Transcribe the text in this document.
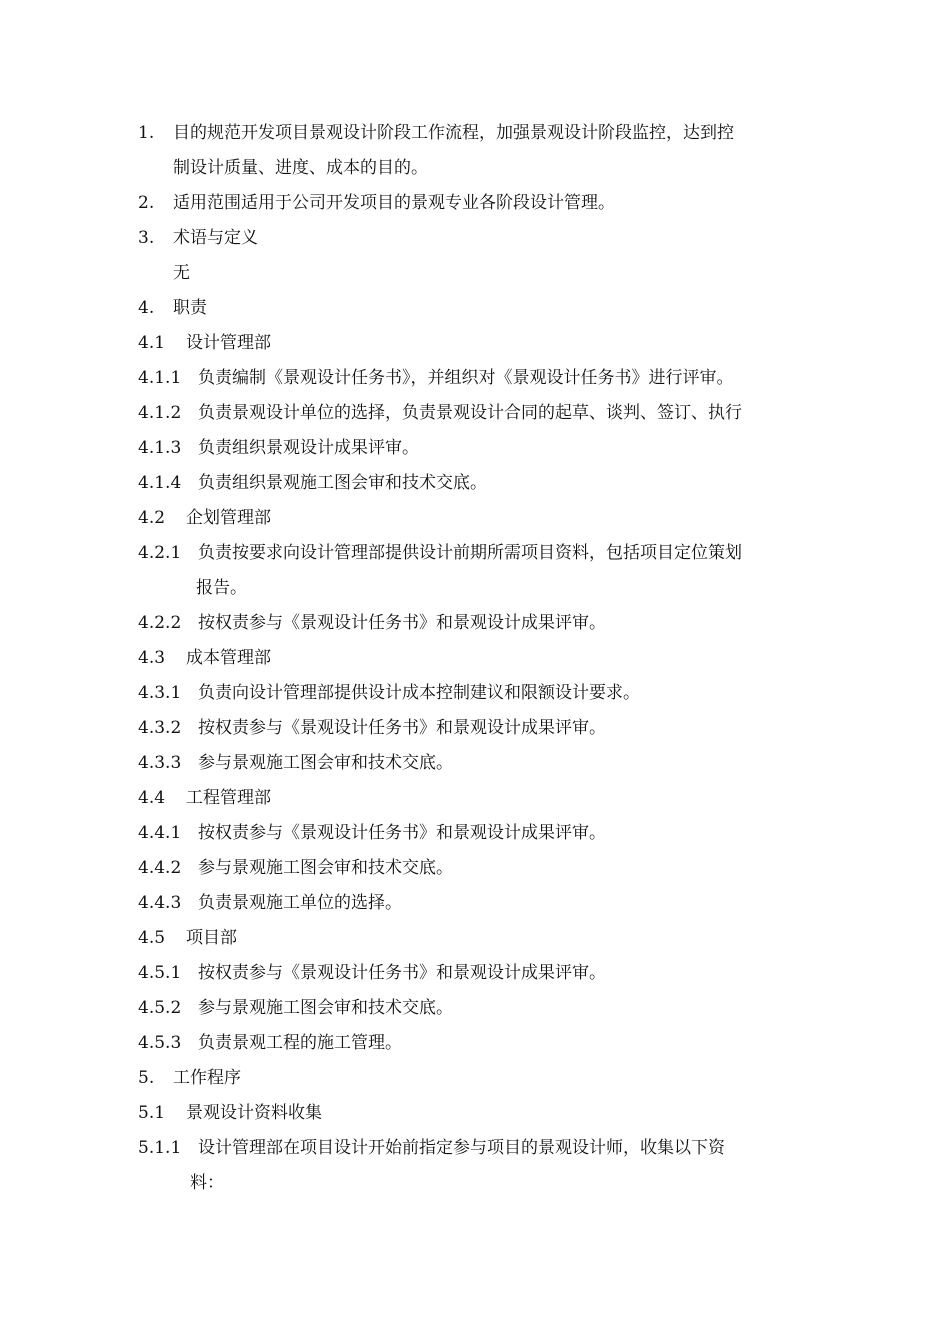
1.	目的规范开发项目景观设计阶段工作流程，加强景观设计阶段监控，达到控
制设计质量、进度、成本的目的。
2.	适用范围适用于公司开发项目的景观专业各阶段设计管理。
3.	术语与定义
无
4.	职责
4.1	设计管理部
4.1.1 负责编制《景观设计任务书》，并组织对《景观设计任务书》进行评审。
4.1.2 负责景观设计单位的选择，负责景观设计合同的起草、谈判、签订、执行
4.1.3 负责组织景观设计成果评审。
4.1.4 负责组织景观施工图会审和技术交底。
4.2	企划管理部
4.2.1 负责按要求向设计管理部提供设计前期所需项目资料，包括项目定位策划
报告。
4.2.2 按权责参与《景观设计任务书》和景观设计成果评审。
4.3	成本管理部
4.3.1 负责向设计管理部提供设计成本控制建议和限额设计要求。
4.3.2 按权责参与《景观设计任务书》和景观设计成果评审。
4.3.3 参与景观施工图会审和技术交底。
4.4	工程管理部
4.4.1 按权责参与《景观设计任务书》和景观设计成果评审。
4.4.2 参与景观施工图会审和技术交底。
4.4.3 负责景观施工单位的选择。
4.5	项目部
4.5.1 按权责参与《景观设计任务书》和景观设计成果评审。
4.5.2 参与景观施工图会审和技术交底。
4.5.3 负责景观工程的施工管理。
5.	工作程序
5.1	景观设计资料收集
5.1.1 设计管理部在项目设计开始前指定参与项目的景观设计师，收集以下资
料：
